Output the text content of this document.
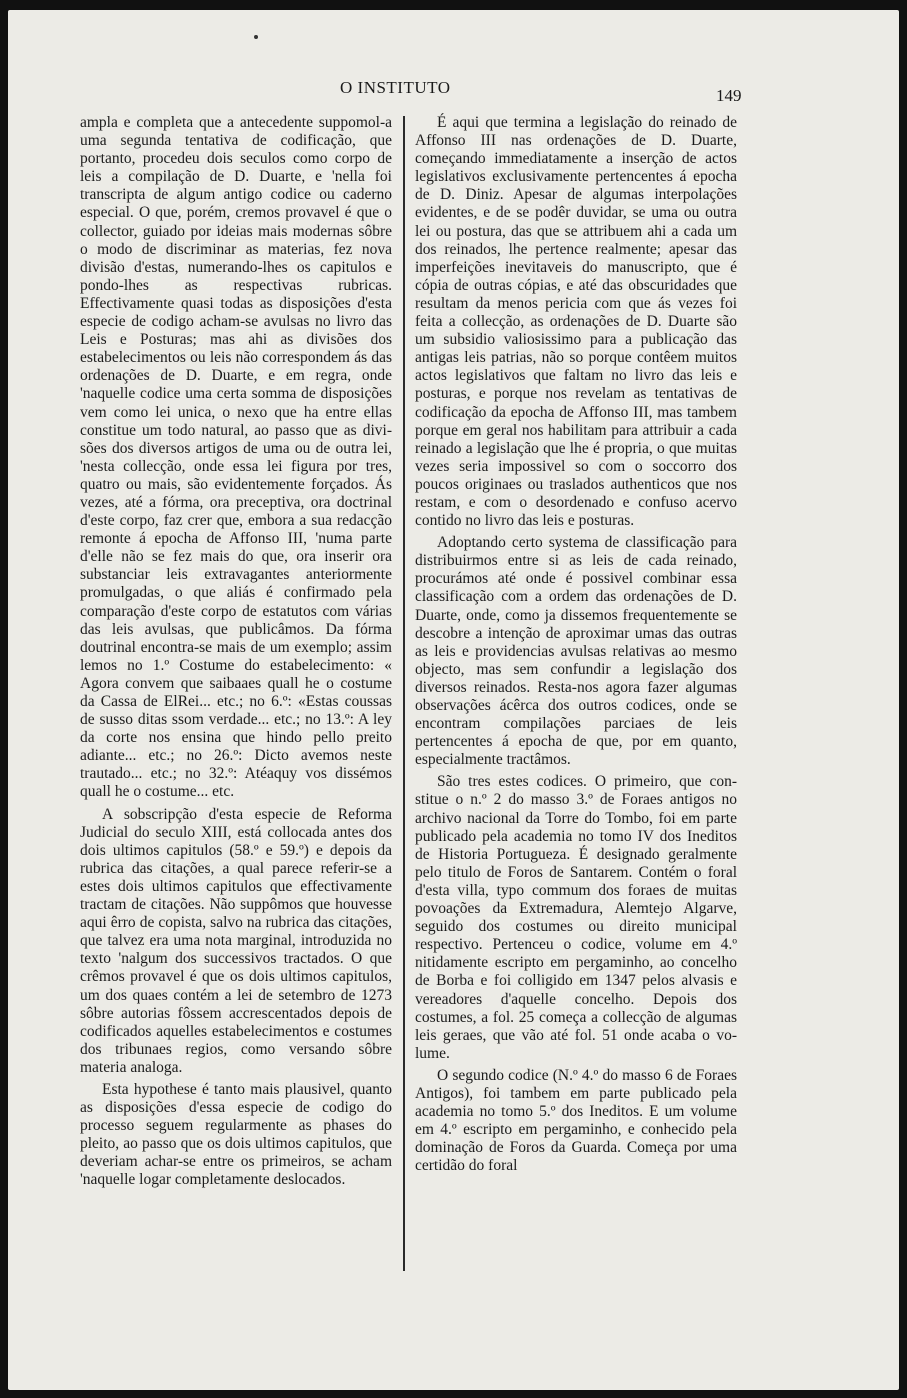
O INSTITUTO	149

ampla e completa que a antecedente suppomol-a uma segunda tentativa de codificação, que portanto, procedeu dois seculos como corpo de leis a compilação de D. Duarte, e 'nella foi transcripta de algum antigo codice ou caderno especial. O que, porém, cremos provavel é que o collector, guiado por ideias mais modernas sôbre o modo de discriminar as materias, fez nova divisão d'estas, numerando-lhes os capitulos e pondo-lhes as respectivas rubricas. Effectivamente quasi todas as disposições d'esta especie de codigo acham-se avulsas no livro das Leis e Posturas; mas ahi as divisões dos estabelecimentos ou leis não correspondem ás das ordenações de D. Duarte, e em regra, onde 'naquelle codice uma certa somma de disposições vem como lei unica, o nexo que ha entre ellas constitue um todo natural, ao passo que as divisões dos diversos artigos de uma ou de outra lei, 'nesta collecção, onde essa lei figura por tres, quatro ou mais, são evidentemente forçados. Ás vezes, até a fórma, ora preceptiva, ora doctrinal d'este corpo, faz crer que, embora a sua redacção remonte á epocha de Affonso III, 'numa parte d'elle não se fez mais do que, ora inserir ora substanciar leis extravagantes anteriormente promulgadas, o que aliás é confirmado pela comparação d'este corpo de estatutos com várias das leis avulsas, que publicâmos. Da fórma doutrinal encontra-se mais de um exemplo; assim lemos no 1.º Costume do estabelecimento: « Agora convem que saibaaes quall he o costume da Cassa de ElRei... etc.; no 6.º: «Estas coussas de susso ditas ssom verdade... etc.; no 13.º: A ley da corte nos ensina que hindo pello preito adiante... etc.; no 26.º: Dicto avemos neste trautado... etc.; no 32.º: Atéaquy vos dissémos quall he o costume... etc.

A sobscripção d'esta especie de Reforma Judicial do seculo XIII, está collocada antes dos dois ultimos capitulos (58.º e 59.º) e depois da rubrica das citações, a qual parece referir-se a estes dois ultimos capitulos que effectivamente tractam de citações. Não suppômos que houvesse aqui êrro de copista, salvo na rubrica das citações, que talvez era uma nota marginal, introduzida no texto 'nalgum dos successivos tractados. O que crêmos provavel é que os dois ultimos capitulos, um dos quaes contém a lei de setembro de 1273 sôbre autorias fôssem accrescentados depois de codificados aquelles estabelecimentos e costumes dos tribunaes regios, como versando sôbre materia analoga.

Esta hypothese é tanto mais plausivel, quanto as disposições d'essa especie de codigo do processo seguem regularmente as phases do pleito, ao passo que os dois ultimos capitulos, que deveriam achar-se entre os primeiros, se acham 'naquelle logar completamente deslocados.

É aqui que termina a legislação do reinado de Affonso III nas ordenações de D. Duarte, começando immediatamente a inserção de actos legislativos exclusivamente pertencentes á epocha de D. Diniz. Apesar de algumas interpolações evidentes, e de se podêr duvidar, se uma ou outra lei ou postura, das que se attribuem ahi a cada um dos reinados, lhe pertence realmente; apesar das imperfeições inevitaveis do manuscripto, que é cópia de outras cópias, e até das obscuridades que resultam da menos pericia com que ás vezes foi feita a collecção, as ordenações de D. Duarte são um subsidio valiosissimo para a publicação das antigas leis patrias, não so porque contêem muitos actos legislativos que faltam no livro das leis e posturas, e porque nos revelam as tentativas de codificação da epocha de Affonso III, mas tambem porque em geral nos habilitam para attribuir a cada reinado a legislação que lhe é propria, o que muitas vezes seria impossivel so com o soccorro dos poucos originaes ou traslados authenticos que nos restam, e com o desordenado e confuso acervo contido no livro das leis e posturas.

Adoptando certo systema de classificação para distribuirmos entre si as leis de cada reinado, procurámos até onde é possivel combinar essa classificação com a ordem das ordenações de D. Duarte, onde, como ja dissemos frequentemente se descobre a intenção de aproximar umas das outras as leis e providencias avulsas relativas ao mesmo objecto, mas sem confundir a legislação dos diversos reinados. Resta-nos agora fazer algumas observações ácêrca dos outros codices, onde se encontram compilações parciaes de leis pertencentes á epocha de que, por em quanto, especialmente tractâmos.

São tres estes codices. O primeiro, que constitue o n.º 2 do masso 3.º de Foraes antigos no archivo nacional da Torre do Tombo, foi em parte publicado pela academia no tomo IV dos Ineditos de Historia Portugueza. É designado geralmente pelo titulo de Foros de Santarem. Contém o foral d'esta villa, typo commum dos foraes de muitas povoações da Extremadura, Alemtejo Algarve, seguido dos costumes ou direito municipal respectivo. Pertenceu o codice, volume em 4.º nitidamente escripto em pergaminho, ao concelho de Borba e foi colligido em 1347 pelos alvasis e vereadores d'aquelle concelho. Depois dos costumes, a fol. 25 começa a collecção de algumas leis geraes, que vão até fol. 51 onde acaba o volume.

O segundo codice (N.º 4.º do masso 6 de Foraes Antigos), foi tambem em parte publicado pela academia no tomo 5.º dos Ineditos. E um volume em 4.º escripto em pergaminho, e conhecido pela dominação de Foros da Guarda. Começa por uma certidão do foral
